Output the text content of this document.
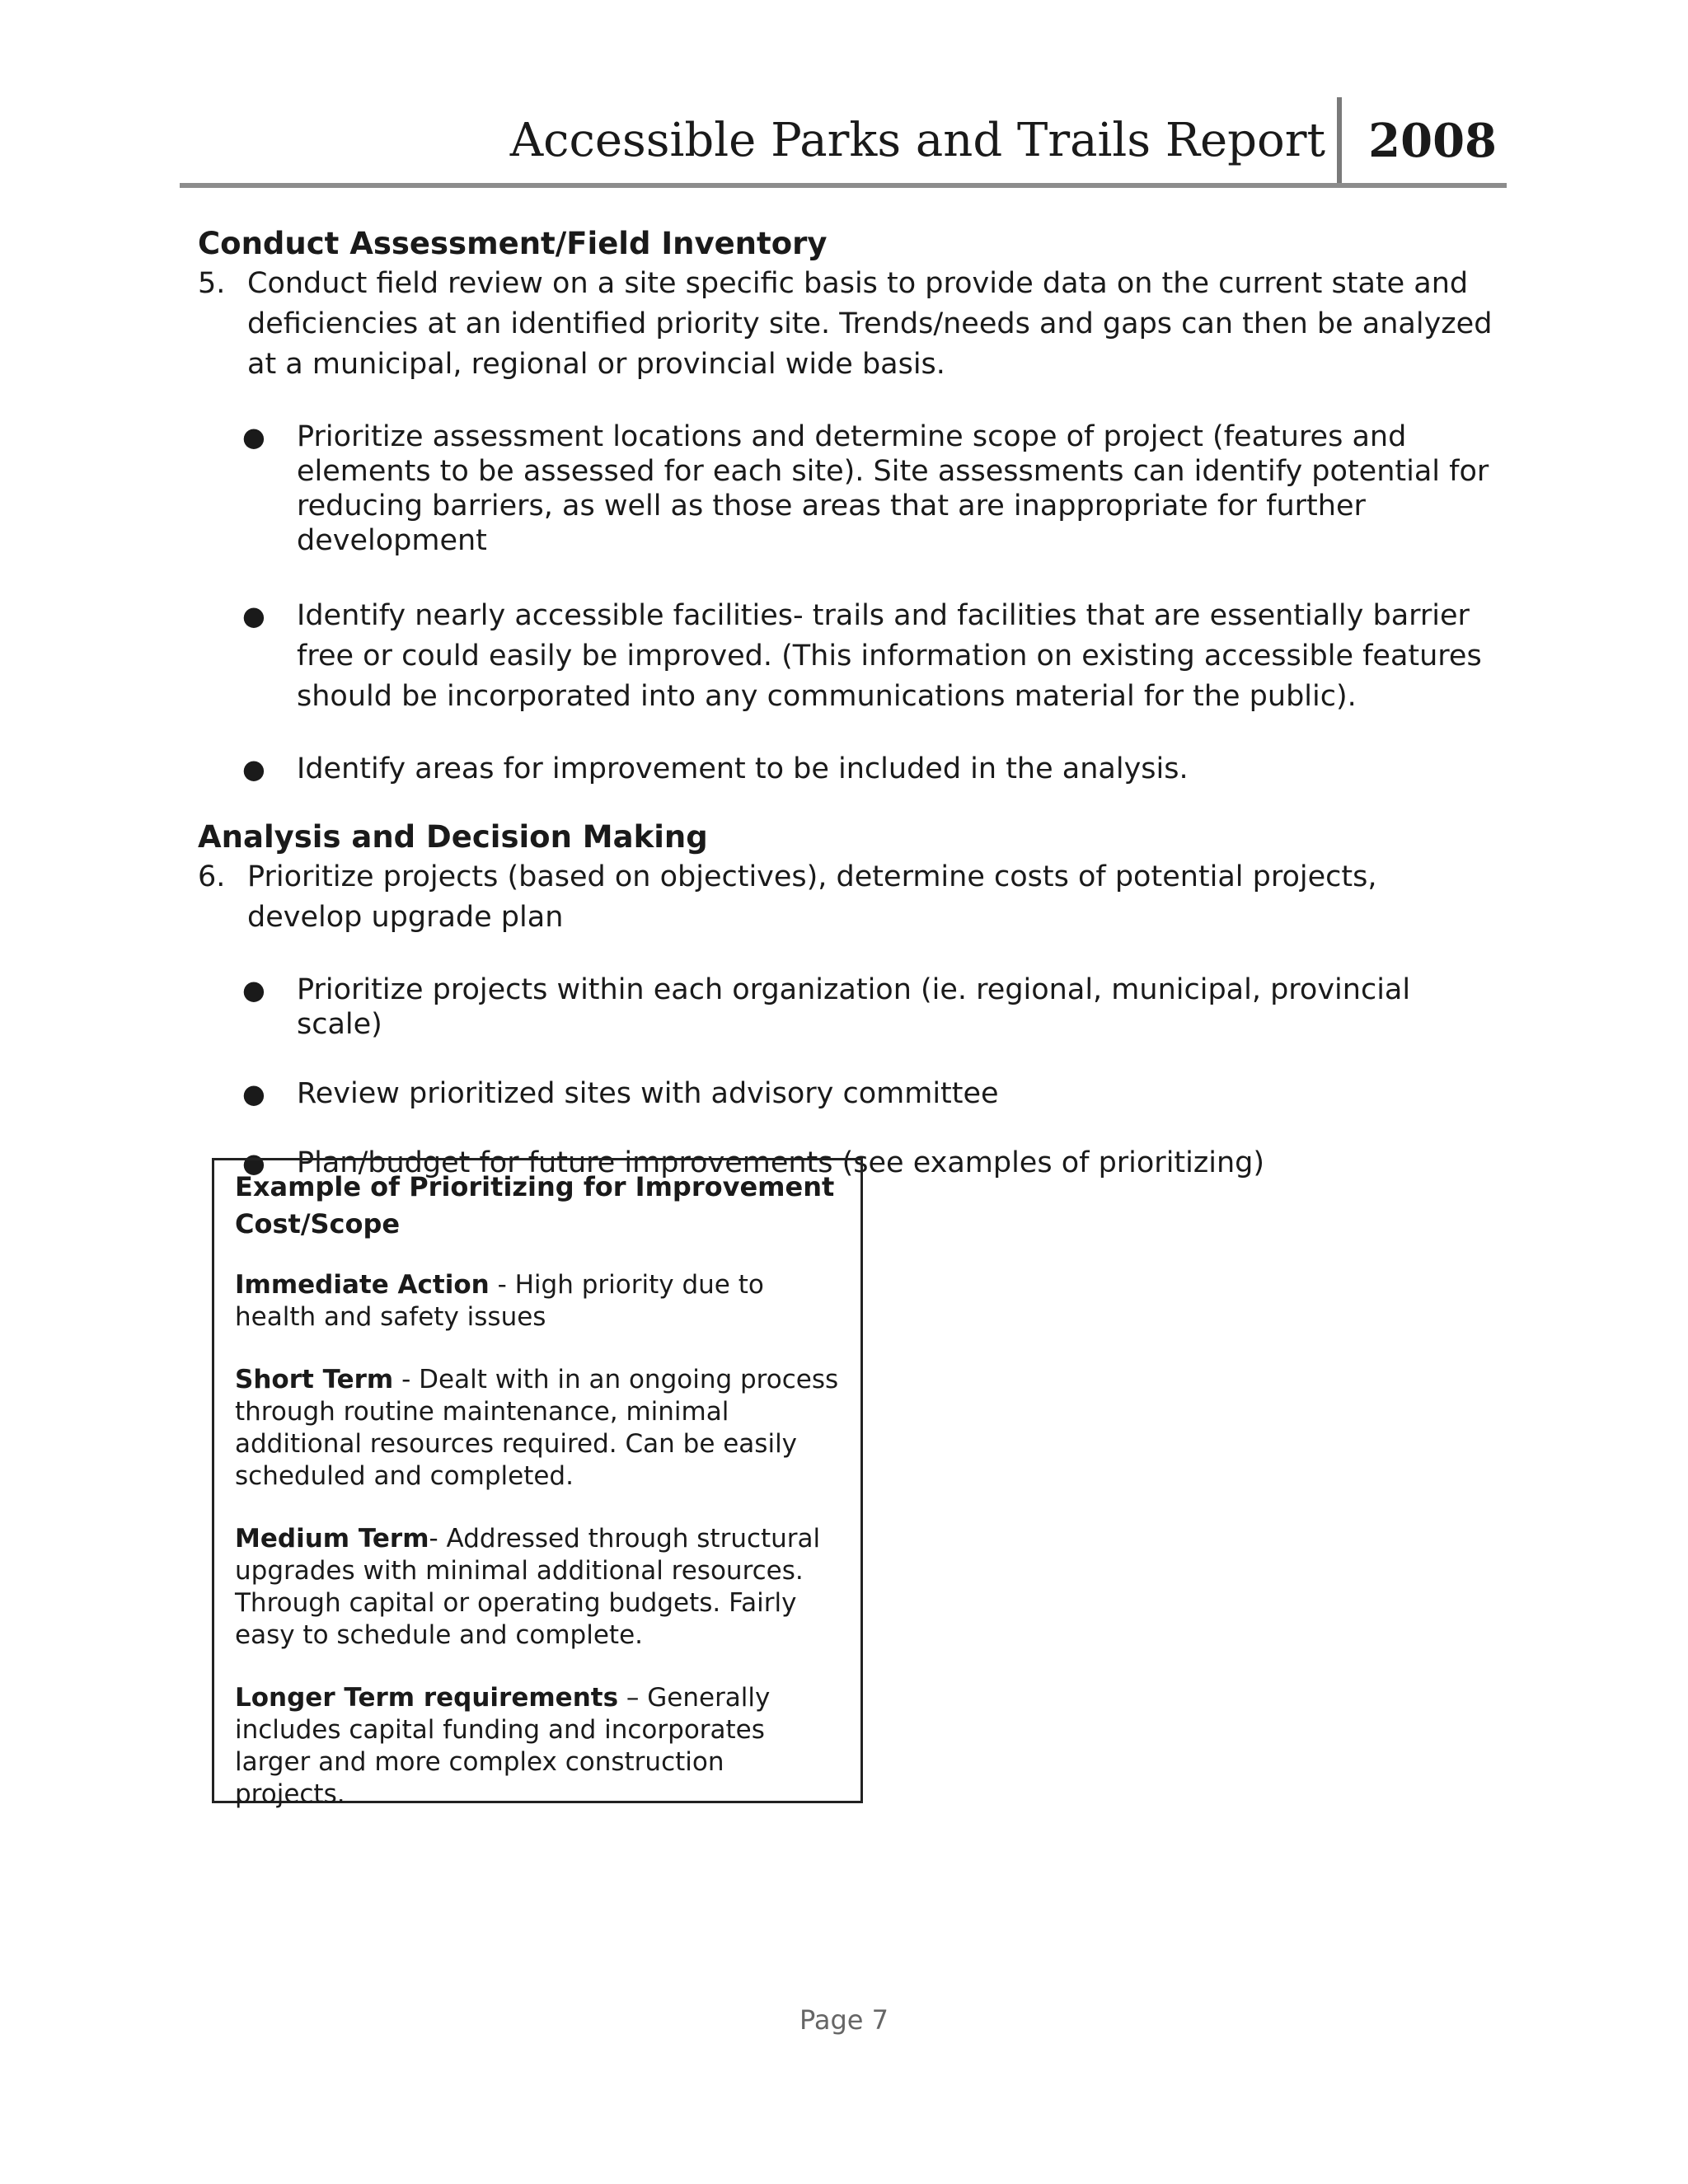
Accessible Parks and Trails Report 2008
Conduct Assessment/Field Inventory

5. Conduct field review on a site specific basis to provide data on the current state and deficiencies at an identified priority site. Trends/needs and gaps can then be analyzed at a municipal, regional or provincial wide basis.

● Prioritize assessment locations and determine scope of project (features and elements to be assessed for each site). Site assessments can identify potential for reducing barriers, as well as those areas that are inappropriate for further development
● Identify nearly accessible facilities- trails and facilities that are essentially barrier free or could easily be improved. (This information on existing accessible features should be incorporated into any communications material for the public).
● Identify areas for improvement to be included in the analysis.
Analysis and Decision Making

6. Prioritize projects (based on objectives), determine costs of potential projects, develop upgrade plan

● Prioritize projects within each organization (ie. regional, municipal, provincial scale)
● Review prioritized sites with advisory committee
● Plan/budget for future improvements (see examples of prioritizing)

Example of Prioritizing for Improvement Cost/Scope

Immediate Action - High priority due to health and safety issues

Short Term - Dealt with in an ongoing process through routine maintenance, minimal additional resources required. Can be easily scheduled and completed.

Medium Term- Addressed through structural upgrades with minimal additional resources. Through capital or operating budgets. Fairly easy to schedule and complete.

Longer Term requirements – Generally includes capital funding and incorporates larger and more complex construction projects.

Page 7
